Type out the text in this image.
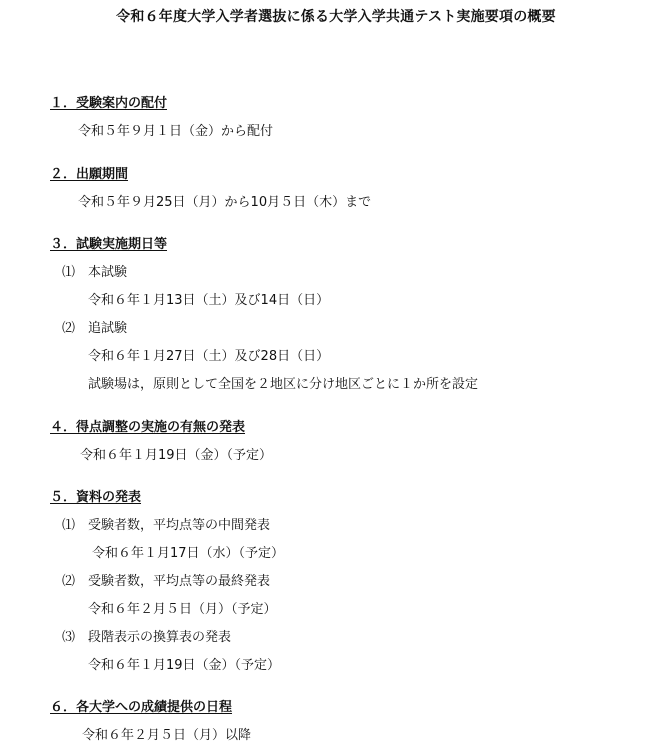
令和６年度大学入学者選抜に係る大学入学共通テスト実施要項の概要
１．受験案内の配付
令和５年９月１日（金）から配付
２．出願期間
令和５年９月25日（月）から10月５日（木）まで
３．試験実施期日等
⑴　本試験
令和６年１月13日（土）及び14日（日）
⑵　追試験
令和６年１月27日（土）及び28日（日）
試験場は，原則として全国を２地区に分け地区ごとに１か所を設定
４．得点調整の実施の有無の発表
令和６年１月19日（金）（予定）
５．資料の発表
⑴　受験者数，平均点等の中間発表
令和６年１月17日（水）（予定）
⑵　受験者数，平均点等の最終発表
令和６年２月５日（月）（予定）
⑶　段階表示の換算表の発表
令和６年１月19日（金）（予定）
６．各大学への成績提供の日程
令和６年２月５日（月）以降
